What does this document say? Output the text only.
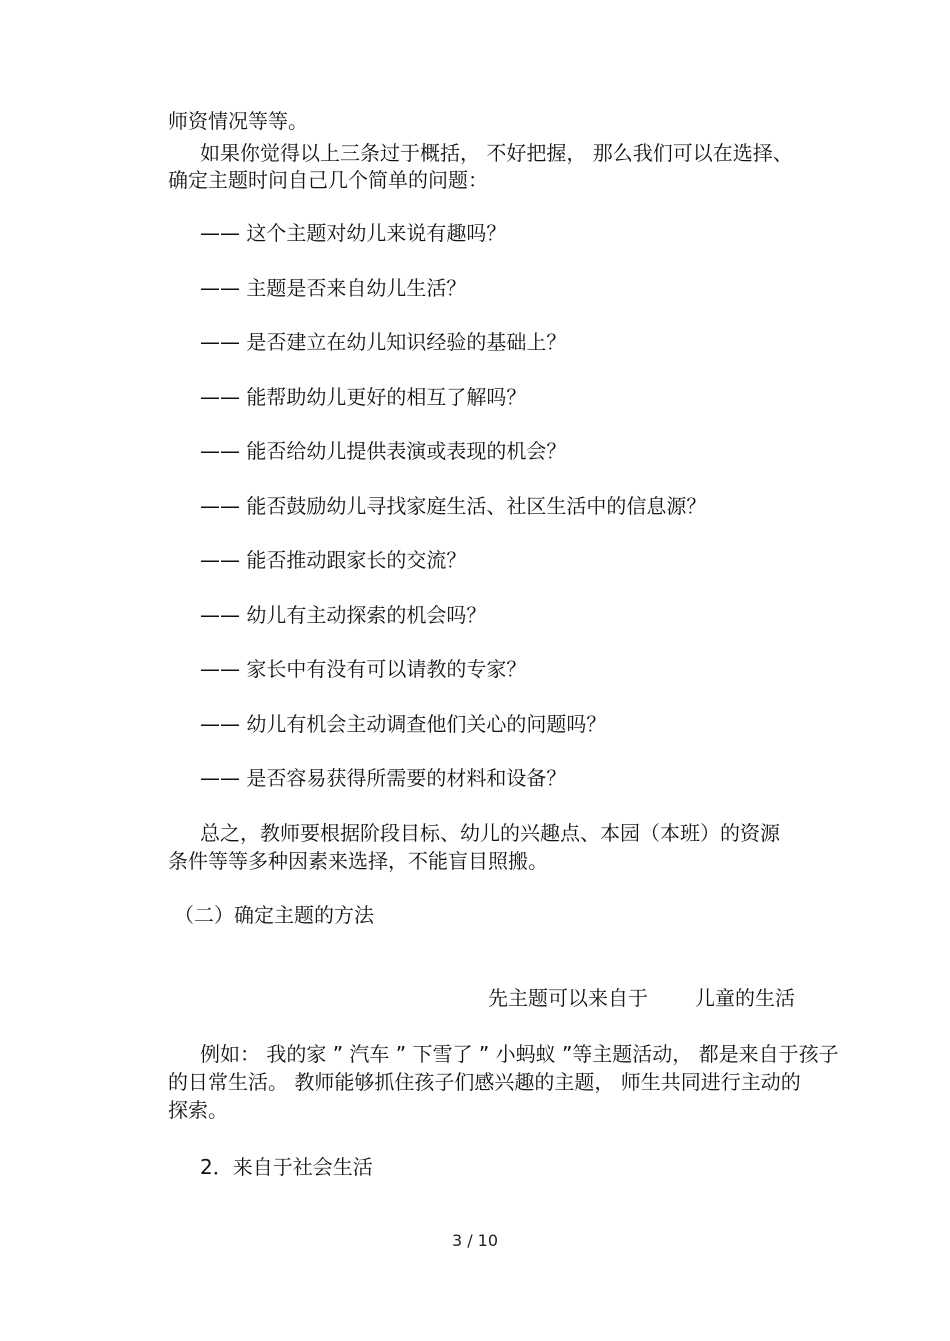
师资情况等等。
如果你觉得以上三条过于概括， 不好把握， 那么我们可以在选择、
确定主题时问自己几个简单的问题：
—— 这个主题对幼儿来说有趣吗？
—— 主题是否来自幼儿生活？
—— 是否建立在幼儿知识经验的基础上？
—— 能帮助幼儿更好的相互了解吗？
—— 能否给幼儿提供表演或表现的机会？
—— 能否鼓励幼儿寻找家庭生活、社区生活中的信息源？
—— 能否推动跟家长的交流？
—— 幼儿有主动探索的机会吗？
—— 家长中有没有可以请教的专家？
—— 幼儿有机会主动调查他们关心的问题吗？
—— 是否容易获得所需要的材料和设备？
总之，教师要根据阶段目标、幼儿的兴趣点、本园（本班）的资源
条件等等多种因素来选择，不能盲目照搬。
（二）确定主题的方法
先主题可以来自于 儿童的生活
例如： 我的家 ” 汽车 ” 下雪了 ” 小蚂蚁 ”等主题活动， 都是来自于孩子
的日常生活。 教师能够抓住孩子们感兴趣的主题， 师生共同进行主动的
探索。
2．来自于社会生活
3 / 10
